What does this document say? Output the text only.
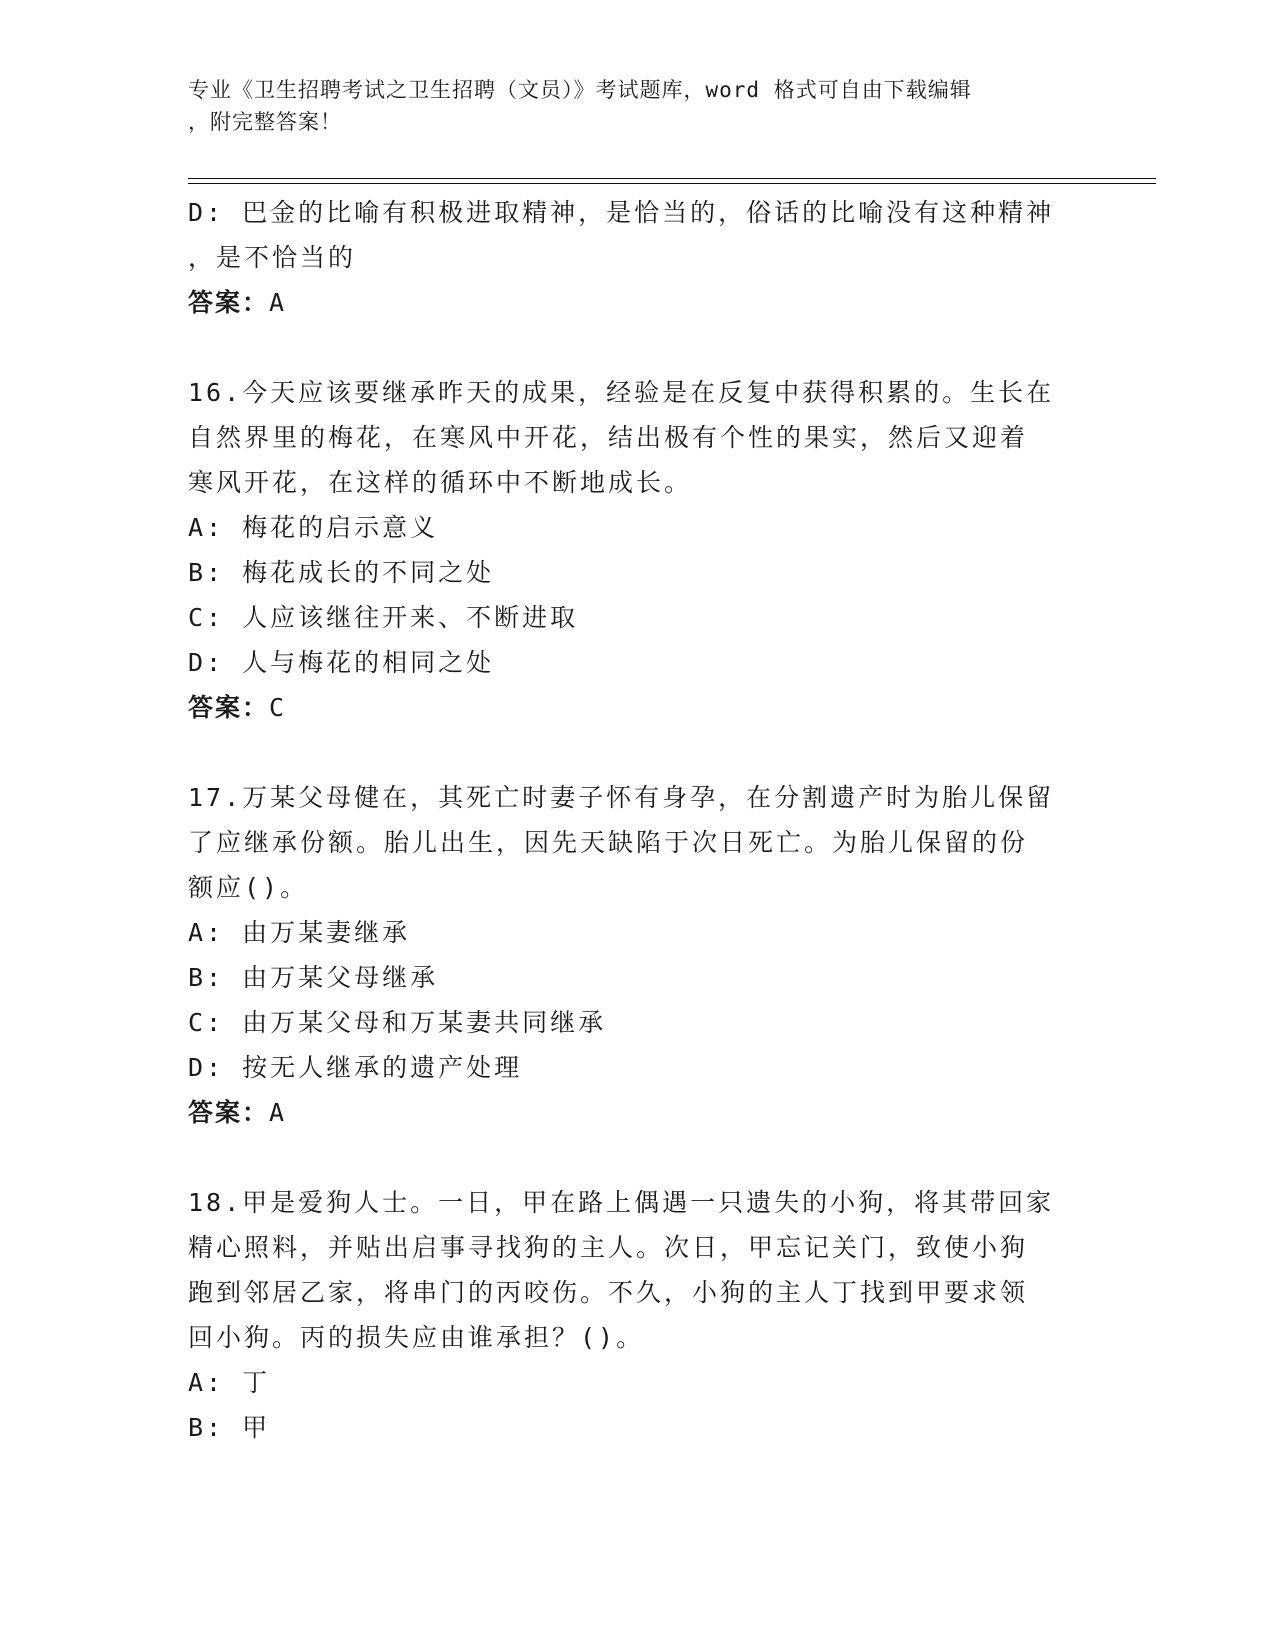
专业《卫生招聘考试之卫生招聘（文员）》考试题库，word 格式可自由下载编辑
，附完整答案！
D: 巴金的比喻有积极进取精神，是恰当的，俗话的比喻没有这种精神
，是不恰当的
答案：A
16.今天应该要继承昨天的成果，经验是在反复中获得积累的。生长在
自然界里的梅花，在寒风中开花，结出极有个性的果实，然后又迎着
寒风开花，在这样的循环中不断地成长。
A: 梅花的启示意义
B: 梅花成长的不同之处
C: 人应该继往开来、不断进取
D: 人与梅花的相同之处
答案：C
17.万某父母健在，其死亡时妻子怀有身孕，在分割遗产时为胎儿保留
了应继承份额。胎儿出生，因先天缺陷于次日死亡。为胎儿保留的份
额应()。
A: 由万某妻继承
B: 由万某父母继承
C: 由万某父母和万某妻共同继承
D: 按无人继承的遗产处理
答案：A
18.甲是爱狗人士。一日，甲在路上偶遇一只遗失的小狗，将其带回家
精心照料，并贴出启事寻找狗的主人。次日，甲忘记关门，致使小狗
跑到邻居乙家，将串门的丙咬伤。不久，小狗的主人丁找到甲要求领
回小狗。丙的损失应由谁承担？()。
A: 丁
B: 甲
